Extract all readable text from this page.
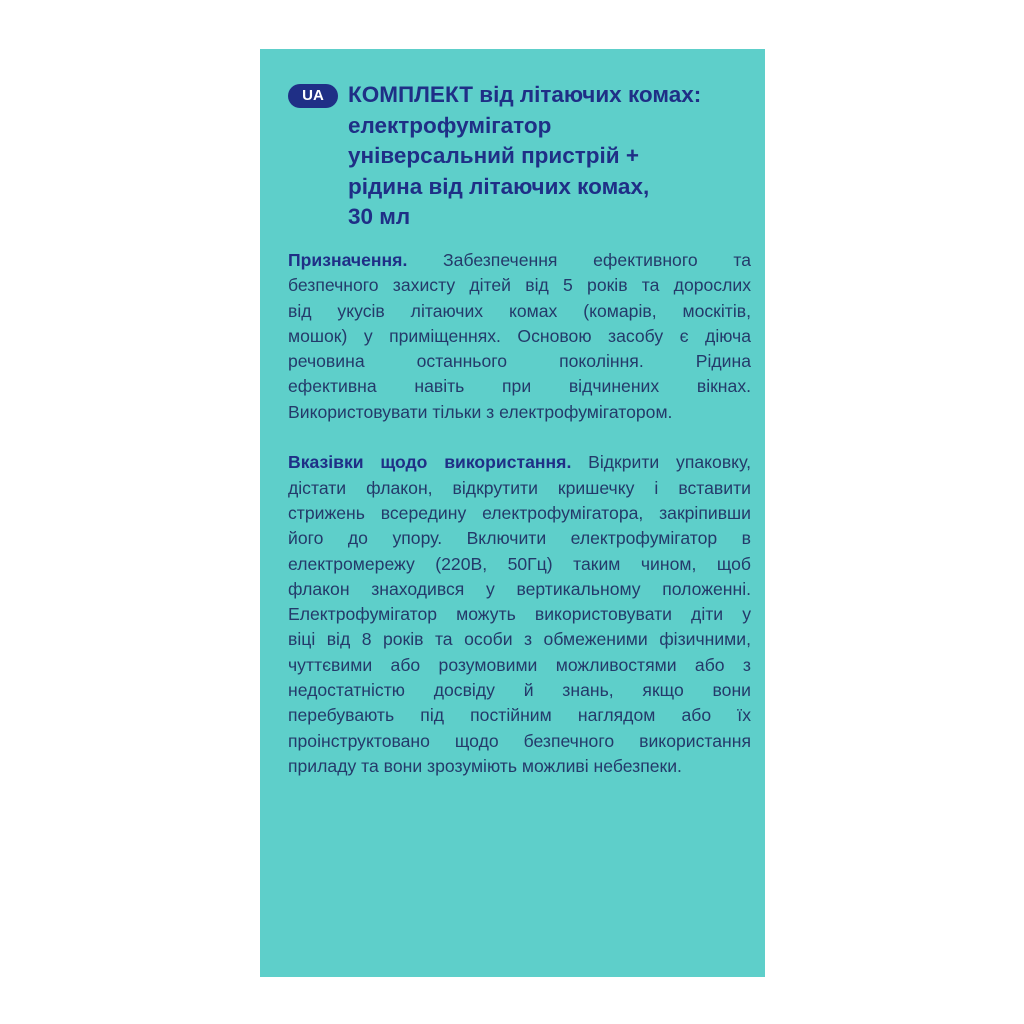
UA	КОМПЛЕКТ від літаючих комах:
електрофумігатор
універсальний пристрій +
рідина від літаючих комах,
30 мл
Призначення. Забезпечення ефективного та
безпечного захисту дітей від 5 років та дорослих
від укусів літаючих комах (комарів, москітів,
мошок) у приміщеннях. Основою засобу є діюча
речовина останнього покоління. Рідина
ефективна навіть при відчинених вікнах.
Використовувати тільки з електрофумігатором.
Вказівки щодо використання. Відкрити упаковку,
дістати флакон, відкрутити кришечку і вставити
стрижень всередину електрофумігатора, закріпивши
його до упору. Включити електрофумігатор в
електромережу (220В, 50Гц) таким чином, щоб
флакон знаходився у вертикальному положенні.
Електрофумігатор можуть використовувати діти у
віці від 8 років та особи з обмеженими фізичними,
чуттєвими або розумовими можливостями або з
недостатністю досвіду й знань, якщо вони
перебувають під постійним наглядом або їх
проінструктовано щодо безпечного використання
приладу та вони зрозуміють можливі небезпеки.
